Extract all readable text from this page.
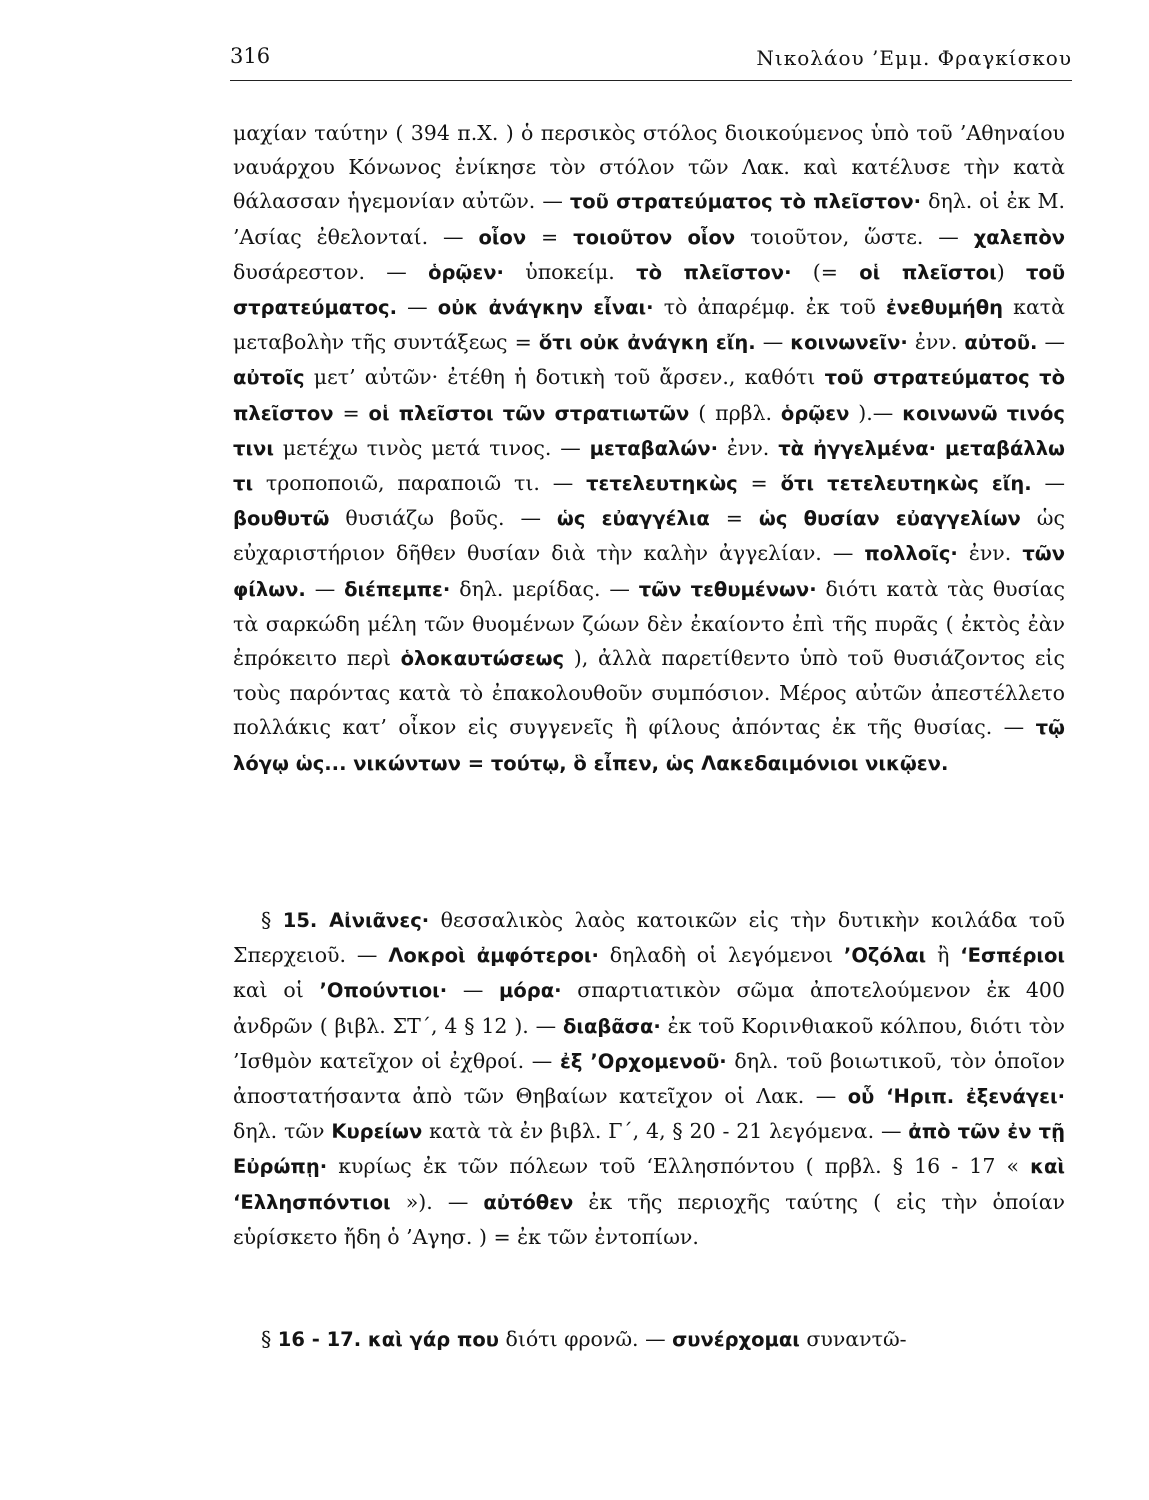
316	Νικολάου ’Εμμ. Φραγκίσκου

μαχίαν ταύτην ( 394 π.Χ. ) ὁ περσικὸς στόλος διοικούμενος ὑπὸ τοῦ ’Αθηναίου ναυάρχου Κόνωνος ἐνίκησε τὸν στόλον τῶν Λακ. καὶ κατέλυσε τὴν κατὰ θάλασσαν ἡγεμονίαν αὐτῶν. — τοῦ στρατεύματος τὸ πλεῖστον· δηλ. οἱ ἐκ Μ. ’Ασίας ἐθελονταί. — οἷον = τοιοῦτον οἷον τοιοῦτον, ὥστε. — χαλεπὸν δυσάρεστον. — ὁρῷεν· ὑποκείμ. τὸ πλεῖστον· (= οἱ πλεῖστοι) τοῦ στρατεύματος. — οὐκ ἀνάγκην εἶναι· τὸ ἀπαρέμφ. ἐκ τοῦ ἐνεθυμήθη κατὰ μεταβολὴν τῆς συντάξεως = ὅτι οὐκ ἀνάγκη εἴη. — κοινωνεῖν· ἐνν. αὐτοῦ. — αὐτοῖς μετ’ αὐτῶν· ἐτέθη ἡ δοτικὴ τοῦ ἄρσεν., καθότι τοῦ στρατεύματος τὸ πλεῖστον = οἱ πλεῖστοι τῶν στρατιωτῶν ( πρβλ. ὁρῷεν ).— κοινωνῶ τινός τινι μετέχω τινὸς μετά τινος. — μεταβαλών· ἐνν. τὰ ἠγγελμένα· μεταβάλλω τι τροποποιῶ, παραποιῶ τι. — τετελευτηκὼς = ὅτι τετελευτηκὼς εἴη. — βουθυτῶ θυσιάζω βοῦς. — ὡς εὐαγγέλια = ὡς θυσίαν εὐαγγελίων ὡς εὐχαριστήριον δῆθεν θυσίαν διὰ τὴν καλὴν ἀγγελίαν. — πολλοῖς· ἐνν. τῶν φίλων. — διέπεμπε· δηλ. μερίδας. — τῶν τεθυμένων· διότι κατὰ τὰς θυσίας τὰ σαρκώδη μέλη τῶν θυομένων ζώων δὲν ἐκαίοντο ἐπὶ τῆς πυρᾶς ( ἐκτὸς ἐὰν ἐπρόκειτο περὶ ὁλοκαυτώσεως ), ἀλλὰ παρετίθεντο ὑπὸ τοῦ θυσιάζοντος εἰς τοὺς παρόντας κατὰ τὸ ἐπακολουθοῦν συμπόσιον. Μέρος αὐτῶν ἀπεστέλλετο πολλάκις κατ’ οἶκον εἰς συγγενεῖς ἢ φίλους ἀπόντας ἐκ τῆς θυσίας. — τῷ λόγῳ ὡς... νικώντων = τούτῳ, ὃ εἶπεν, ὡς Λακεδαιμόνιοι νικῷεν.

§ 15. Αἰνιᾶνες· θεσσαλικὸς λαὸς κατοικῶν εἰς τὴν δυτικὴν κοιλάδα τοῦ Σπερχειοῦ. — Λοκροὶ ἀμφότεροι· δηλαδὴ οἱ λεγόμενοι ’Οζόλαι ἢ ‘Εσπέριοι καὶ οἱ ’Οπούντιοι· — μόρα· σπαρτιατικὸν σῶμα ἀποτελούμενον ἐκ 400 ἀνδρῶν ( βιβλ. ΣΤ΄, 4 § 12 ). — διαβᾶσα· ἐκ τοῦ Κορινθιακοῦ κόλπου, διότι τὸν ’Ισθμὸν κατεῖχον οἱ ἐχθροί. — ἐξ ’Ορχομενοῦ· δηλ. τοῦ βοιωτικοῦ, τὸν ὁποῖον ἀποστατήσαντα ἀπὸ τῶν Θηβαίων κατεῖχον οἱ Λακ. — οὗ ‘Ηριπ. ἐξενάγει· δηλ. τῶν Κυρείων κατὰ τὰ ἐν βιβλ. Γ΄, 4, § 20 - 21 λεγόμενα. — ἀπὸ τῶν ἐν τῇ Εὐρώπῃ· κυρίως ἐκ τῶν πόλεων τοῦ ‘Ελλησπόντου ( πρβλ. § 16 - 17 « καὶ ‘Ελλησπόντιοι »). — αὐτόθεν ἐκ τῆς περιοχῆς ταύτης ( εἰς τὴν ὁποίαν εὑρίσκετο ἤδη ὁ ’Αγησ. ) = ἐκ τῶν ἐντοπίων.

§ 16 - 17. καὶ γάρ που διότι φρονῶ. — συνέρχομαι συναντῶ-
